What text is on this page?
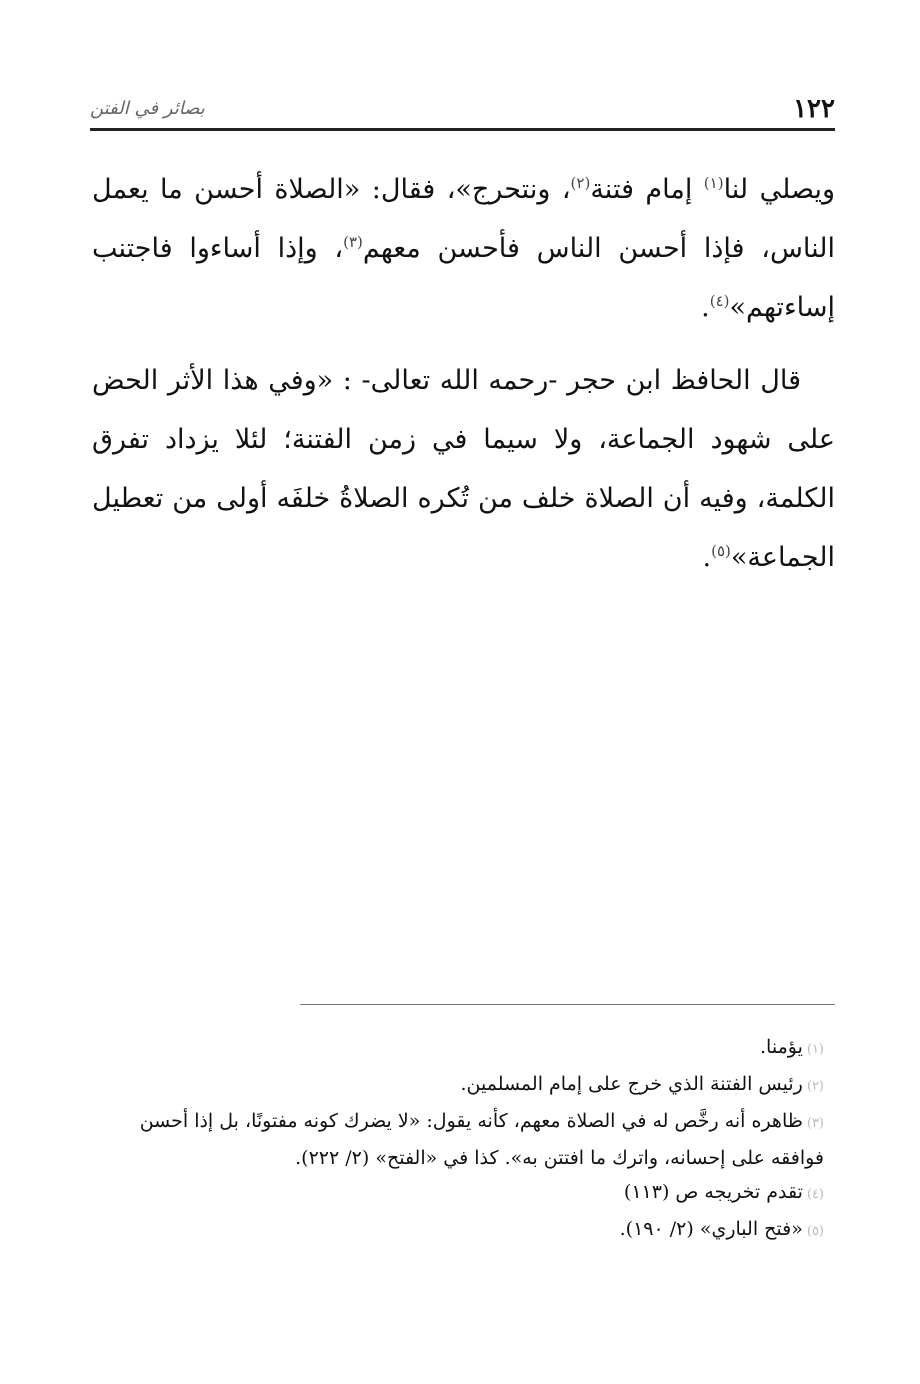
١٢٢
بصائر في الفتن

ويصلي لنا$^{(١)}$ إمام فتنة$^{(٢)}$، ونتحرج»، فقال: «الصلاة أحسن ما يعمل الناس، فإذا أحسن الناس فأحسن معهم$^{(٣)}$، وإذا أساءوا فاجتنب إساءتهم»$^{(٤)}$.

قال الحافظ ابن حجر -رحمه الله تعالى- : «وفي هذا الأثر الحض على شهود الجماعة، ولا سيما في زمن الفتنة؛ لئلا يزداد تفرق الكلمة، وفيه أن الصلاة خلف من تُكره الصلاةُ خلفَه أولى من تعطيل الجماعة»$^{(٥)}$.

(١)يؤمنا.
(٢)رئيس الفتنة الذي خرج على إمام المسلمين.
(٣)ظاهره أنه رخَّص له في الصلاة معهم، كأنه يقول: «لا يضرك كونه مفتونًا، بل إذا أحسن فوافقه على إحسانه، واترك ما افتتن به». كذا في «الفتح» (٢/ ٢٢٢).
(٤)تقدم تخريجه ص (١١٣)
(٥)«فتح الباري» (٢/ ١٩٠).
